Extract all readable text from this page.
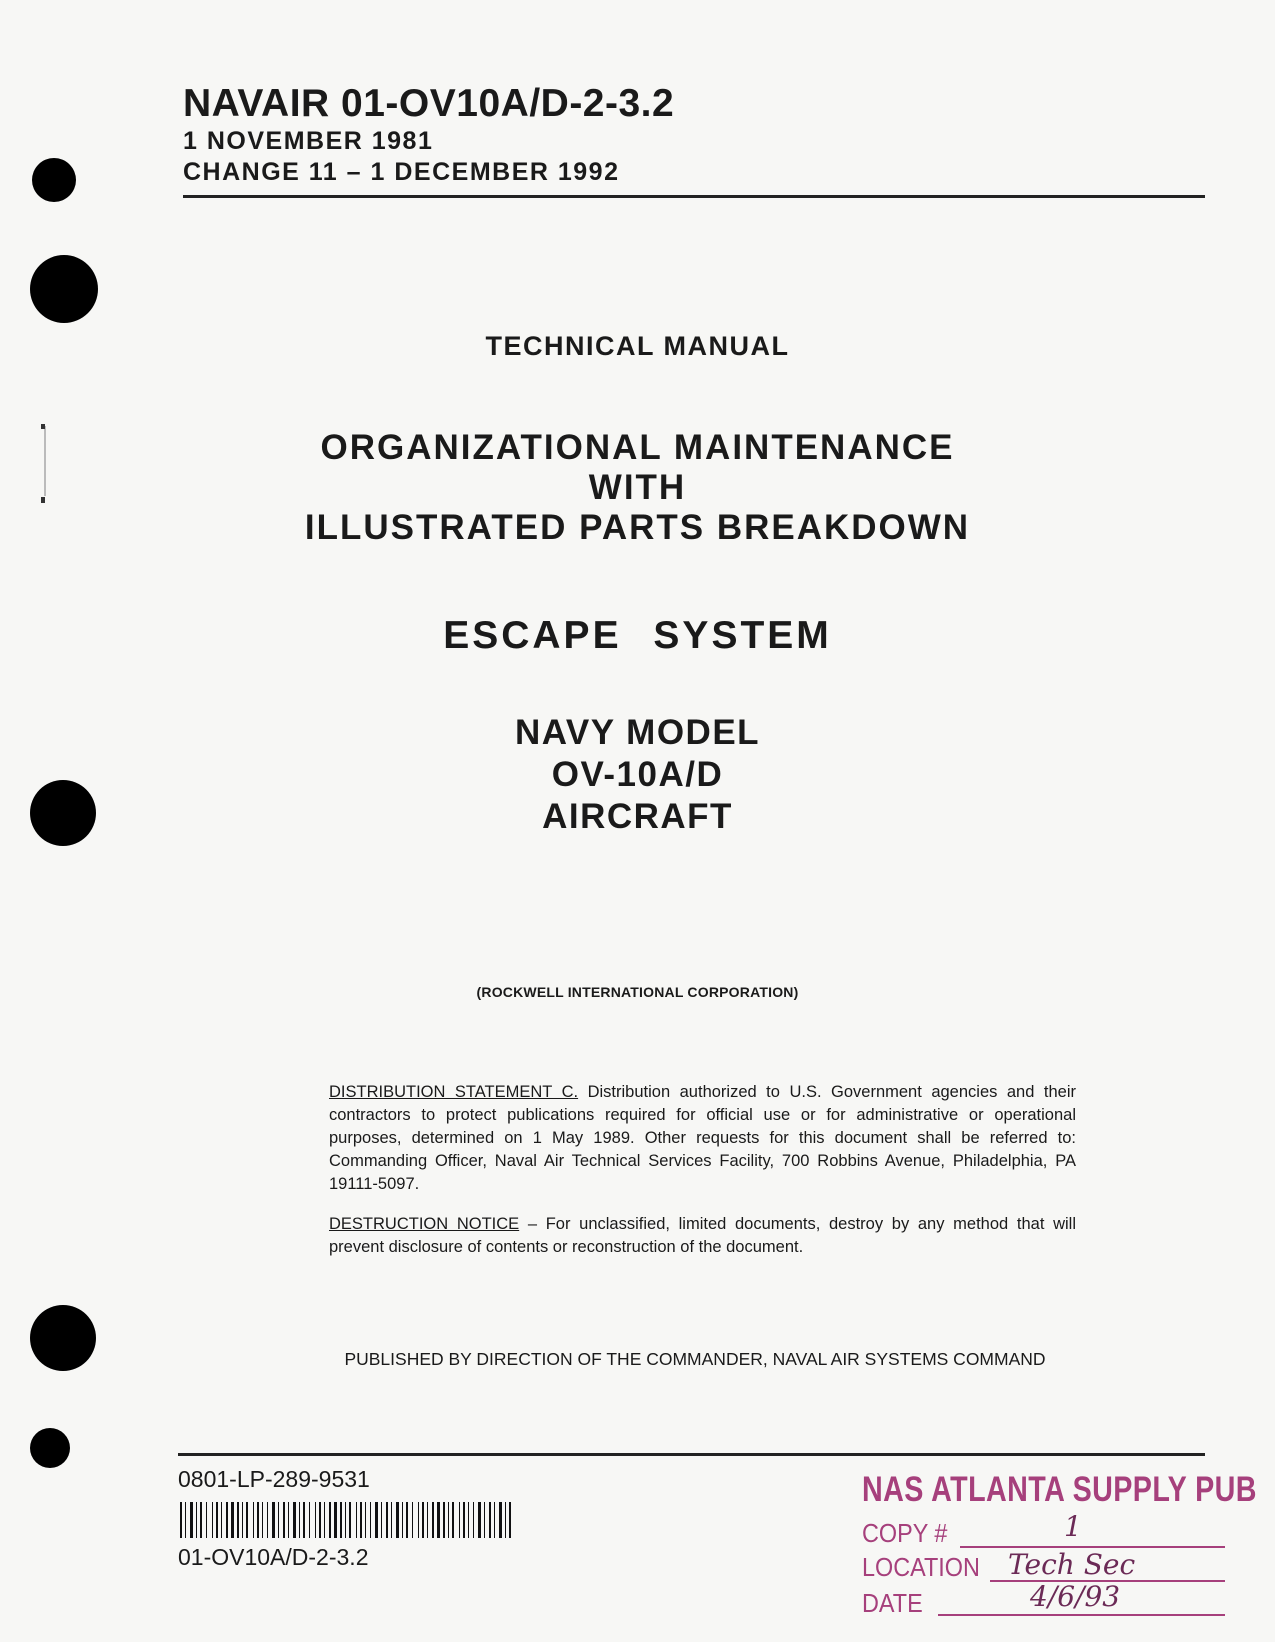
NAVAIR 01-OV10A/D-2-3.2
1 NOVEMBER 1981
CHANGE 11 – 1 DECEMBER 1992
TECHNICAL MANUAL
ORGANIZATIONAL MAINTENANCE
WITH
ILLUSTRATED PARTS BREAKDOWN
ESCAPE SYSTEM
NAVY MODEL
OV-10A/D
AIRCRAFT
(ROCKWELL INTERNATIONAL CORPORATION)
DISTRIBUTION STATEMENT C. Distribution authorized to U.S. Government agencies and their contractors to protect publications required for official use or for administrative or operational purposes, determined on 1 May 1989. Other requests for this document shall be referred to: Commanding Officer, Naval Air Technical Services Facility, 700 Robbins Avenue, Philadelphia, PA 19111-5097.
DESTRUCTION NOTICE – For unclassified, limited documents, destroy by any method that will prevent disclosure of contents or reconstruction of the document.
PUBLISHED BY DIRECTION OF THE COMMANDER, NAVAL AIR SYSTEMS COMMAND
0801-LP-289-9531
01-OV10A/D-2-3.2
NAS ATLANTA SUPPLY PUB
COPY #	1
LOCATION Tech Sec
DATE	4/6/93
